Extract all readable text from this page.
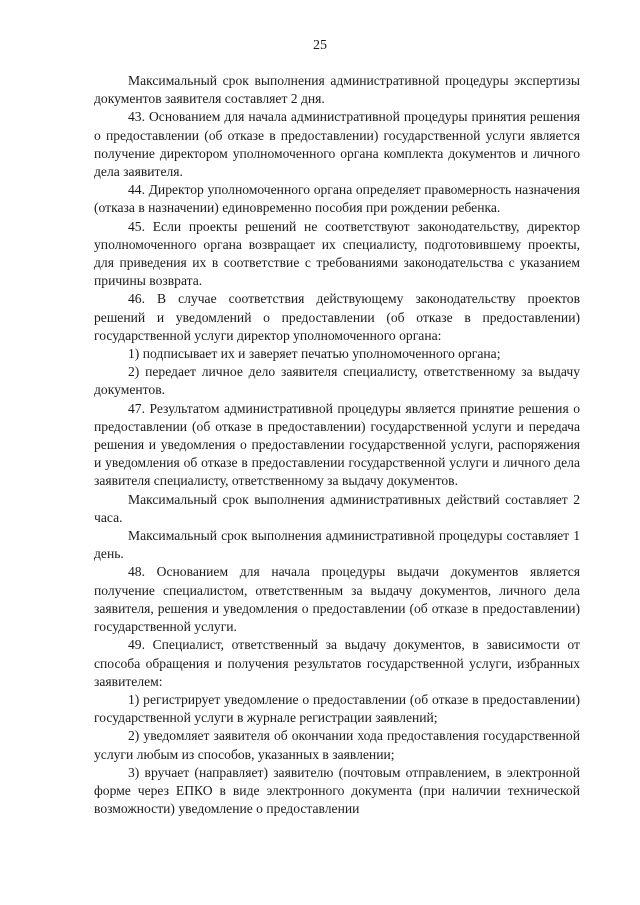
25

Максимальный срок выполнения административной процедуры экспертизы документов заявителя составляет 2 дня.

43. Основанием для начала административной процедуры принятия решения о предоставлении (об отказе в предоставлении) государственной услуги является получение директором уполномоченного органа комплекта документов и личного дела заявителя.

44. Директор уполномоченного органа определяет правомерность назначения (отказа в назначении) единовременно пособия при рождении ребенка.

45. Если проекты решений не соответствуют законодательству, директор уполномоченного органа возвращает их специалисту, подготовившему проекты, для приведения их в соответствие с требованиями законодательства с указанием причины возврата.

46. В случае соответствия действующему законодательству проектов решений и уведомлений о предоставлении (об отказе в предоставлении) государственной услуги директор уполномоченного органа:

1) подписывает их и заверяет печатью уполномоченного органа;

2) передает личное дело заявителя специалисту, ответственному за выдачу документов.

47. Результатом административной процедуры является принятие решения о предоставлении (об отказе в предоставлении) государственной услуги и передача решения и уведомления о предоставлении государственной услуги, распоряжения и уведомления об отказе в предоставлении государственной услуги и личного дела заявителя специалисту, ответственному за выдачу документов.

Максимальный срок выполнения административных действий составляет 2 часа.

Максимальный срок выполнения административной процедуры составляет 1 день.

48. Основанием для начала процедуры выдачи документов является получение специалистом, ответственным за выдачу документов, личного дела заявителя, решения и уведомления о предоставлении (об отказе в предоставлении) государственной услуги.

49. Специалист, ответственный за выдачу документов, в зависимости от способа обращения и получения результатов государственной услуги, избранных заявителем:

1) регистрирует уведомление о предоставлении (об отказе в предоставлении) государственной услуги в журнале регистрации заявлений;

2) уведомляет заявителя об окончании хода предоставления государственной услуги любым из способов, указанных в заявлении;

3) вручает (направляет) заявителю (почтовым отправлением, в электронной форме через ЕПКО в виде электронного документа (при наличии технической возможности) уведомление о предоставлении
